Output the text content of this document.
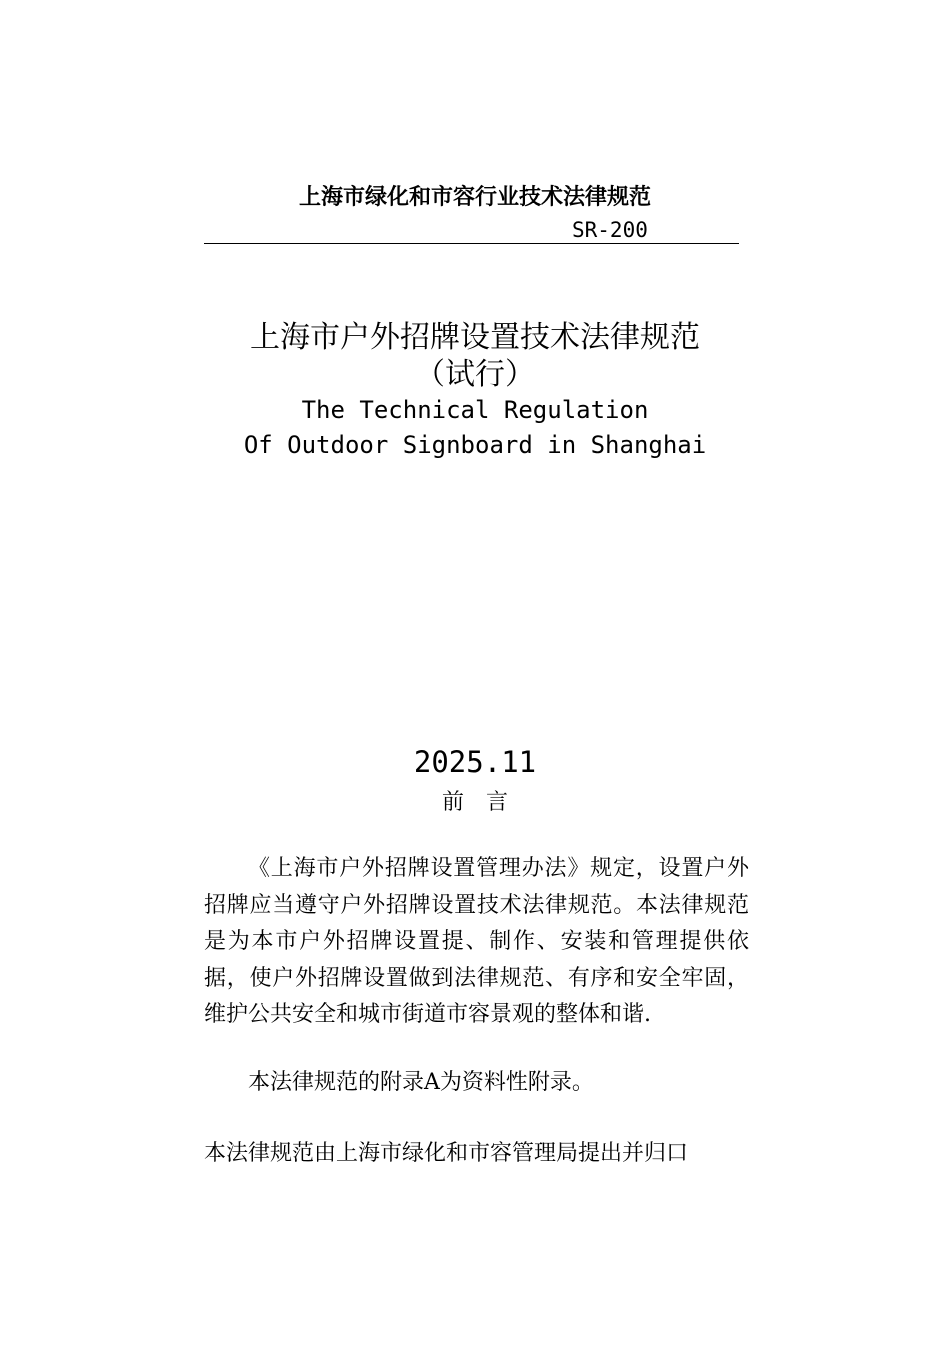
上海市绿化和市容行业技术法律规范
SR-200
上海市户外招牌设置技术法律规范
（试行）
The Technical Regulation
Of Outdoor Signboard in Shanghai
2025.11
前　言
《上海市户外招牌设置管理办法》规定，设置户外招牌应当遵守户外招牌设置技术法律规范。本法律规范是为本市户外招牌设置提、制作、安装和管理提供依据，使户外招牌设置做到法律规范、有序和安全牢固，维护公共安全和城市街道市容景观的整体和谐.
本法律规范的附录A为资料性附录。
本法律规范由上海市绿化和市容管理局提出并归口
